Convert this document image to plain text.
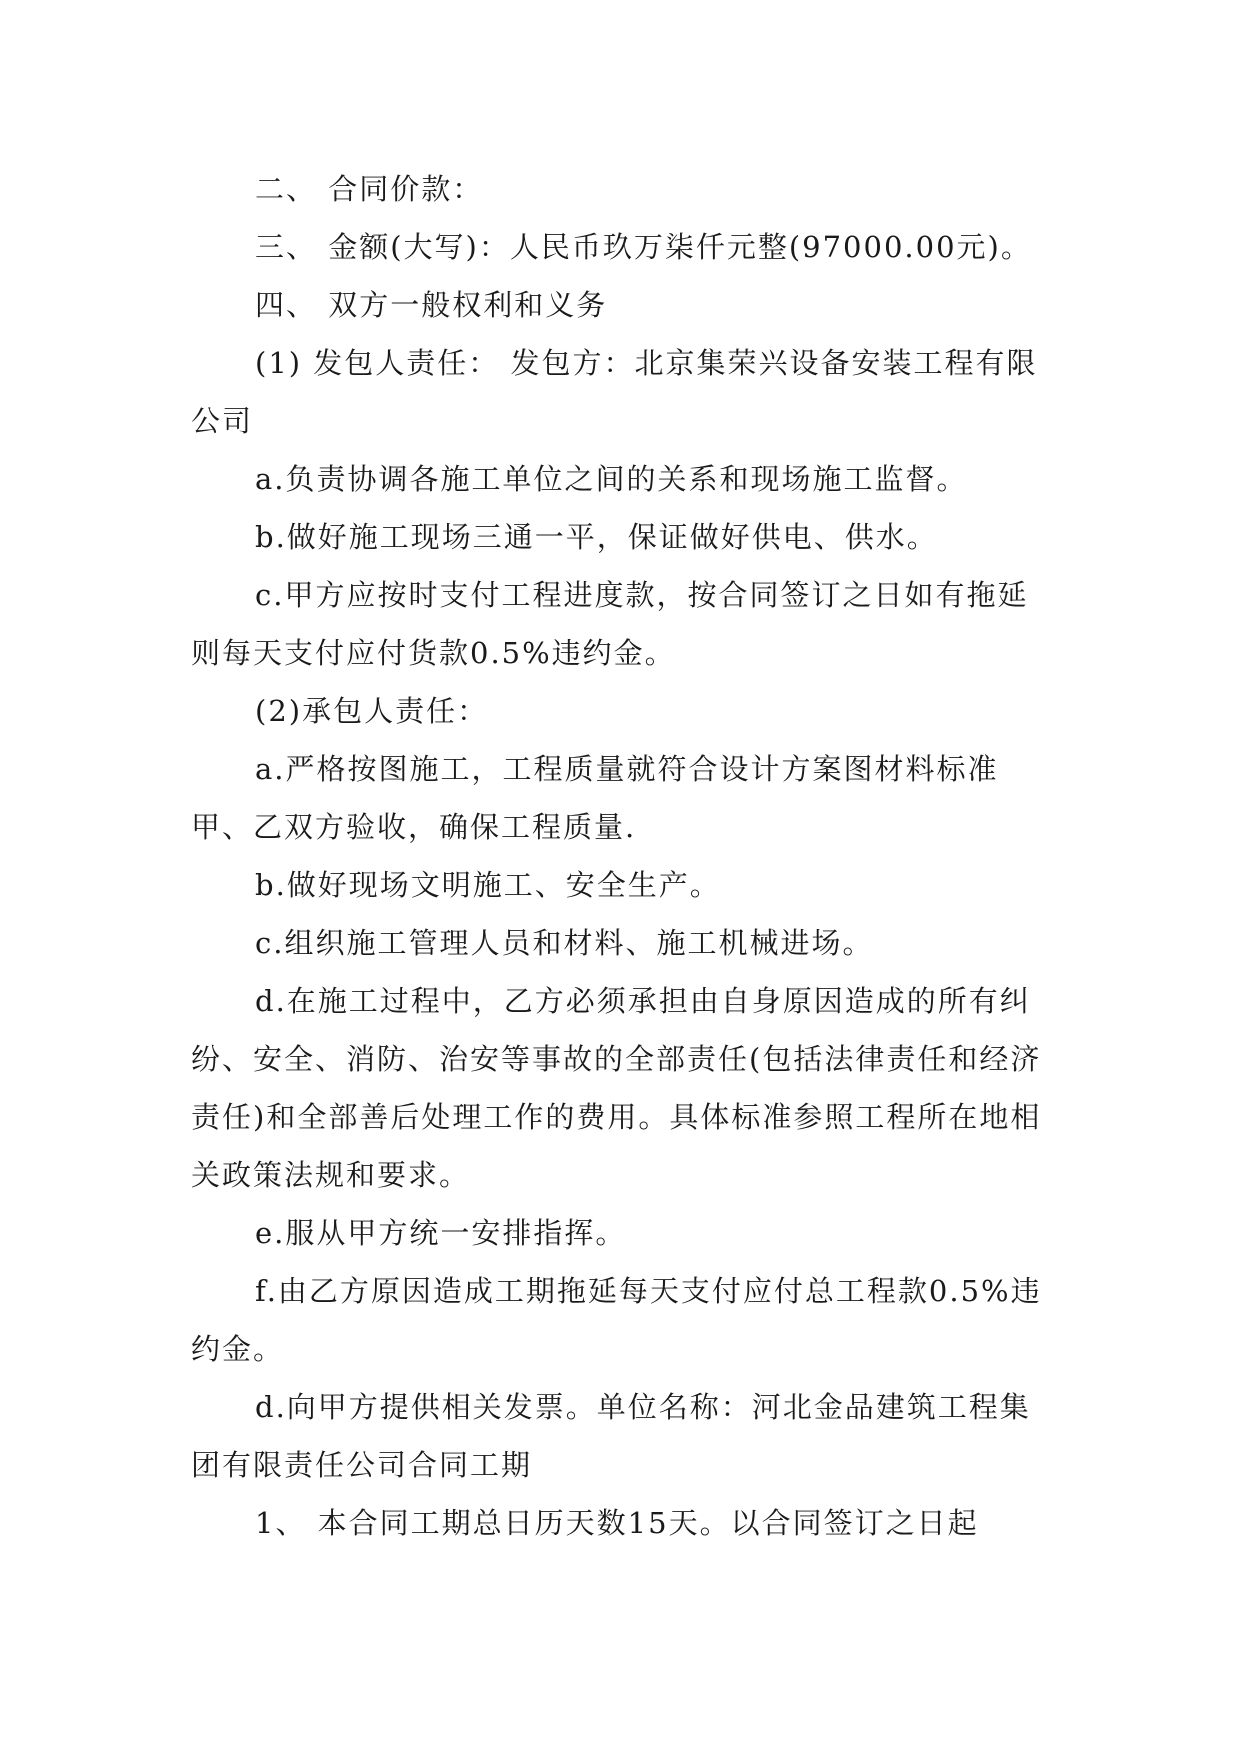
二、 合同价款：

三、 金额(大写)：人民币玖万柒仟元整(97000.00元)。

四、 双方一般权利和义务

(1) 发包人责任： 发包方：北京集荣兴设备安装工程有限公司

a.负责协调各施工单位之间的关系和现场施工监督。

b.做好施工现场三通一平，保证做好供电、供水。

c.甲方应按时支付工程进度款，按合同签订之日如有拖延则每天支付应付货款0.5%违约金。

(2)承包人责任：

a.严格按图施工，工程质量就符合设计方案图材料标准甲、乙双方验收，确保工程质量.

b.做好现场文明施工、安全生产。

c.组织施工管理人员和材料、施工机械进场。

d.在施工过程中，乙方必须承担由自身原因造成的所有纠纷、安全、消防、治安等事故的全部责任(包括法律责任和经济责任)和全部善后处理工作的费用。具体标准参照工程所在地相关政策法规和要求。

e.服从甲方统一安排指挥。

f.由乙方原因造成工期拖延每天支付应付总工程款0.5%违约金。

d.向甲方提供相关发票。单位名称：河北金品建筑工程集团有限责任公司合同工期

1、 本合同工期总日历天数15天。以合同签订之日起
